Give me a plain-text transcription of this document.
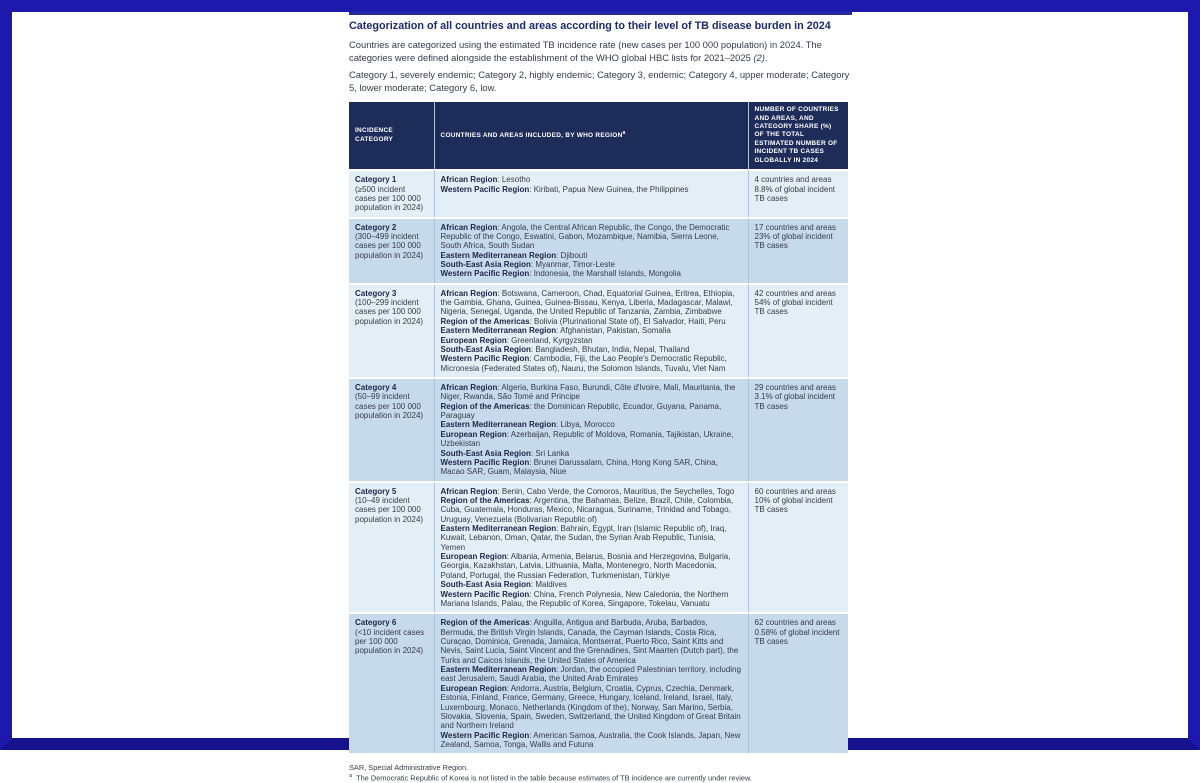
Categorization of all countries and areas according to their level of TB disease burden in 2024
Countries are categorized using the estimated TB incidence rate (new cases per 100 000 population) in 2024. The categories were defined alongside the establishment of the WHO global HBC lists for 2021–2025 (2).
Category 1, severely endemic; Category 2, highly endemic; Category 3, endemic; Category 4, upper moderate; Category 5, lower moderate; Category 6, low.
INCIDENCE CATEGORY	COUNTRIES AND AREAS INCLUDED, BY WHO REGION$^a$	NUMBER OF COUNTRIES AND AREAS, AND CATEGORY SHARE (%) OF THE TOTAL ESTIMATED NUMBER OF INCIDENT TB CASES GLOBALLY IN 2024

Category 1
(≥500 incident cases per 100 000 population in 2024)

African Region: Lesotho
Western Pacific Region: Kiribati, Papua New Guinea, the Philippines

4 countries and areas
8.8% of global incident TB cases

Category 2
(300–499 incident cases per 100 000 population in 2024)

African Region: Angola, the Central African Republic, the Congo, the Democratic Republic of the Congo, Eswatini, Gabon, Mozambique, Namibia, Sierra Leone, South Africa, South Sudan
Eastern Mediterranean Region: Djibouti
South-East Asia Region: Myanmar, Timor-Leste
Western Pacific Region: Indonesia, the Marshall Islands, Mongolia

17 countries and areas
23% of global incident TB cases

Category 3
(100–299 incident cases per 100 000 population in 2024)

African Region: Botswana, Cameroon, Chad, Equatorial Guinea, Eritrea, Ethiopia, the Gambia, Ghana, Guinea, Guinea-Bissau, Kenya, Liberia, Madagascar, Malawi, Nigeria, Senegal, Uganda, the United Republic of Tanzania, Zambia, Zimbabwe
Region of the Americas: Bolivia (Plurinational State of), El Salvador, Haiti, Peru
Eastern Mediterranean Region: Afghanistan, Pakistan, Somalia
European Region: Greenland, Kyrgyzstan
South-East Asia Region: Bangladesh, Bhutan, India, Nepal, Thailand
Western Pacific Region: Cambodia, Fiji, the Lao People's Democratic Republic, Micronesia (Federated States of), Nauru, the Solomon Islands, Tuvalu, Viet Nam

42 countries and areas
54% of global incident TB cases

Category 4
(50–99 incident cases per 100 000 population in 2024)

African Region: Algeria, Burkina Faso, Burundi, Côte d'Ivoire, Mali, Mauritania, the Niger, Rwanda, São Tomé and Principe
Region of the Americas: the Dominican Republic, Ecuador, Guyana, Panama, Paraguay
Eastern Mediterranean Region: Libya, Morocco
European Region: Azerbaijan, Republic of Moldova, Romania, Tajikistan, Ukraine, Uzbekistan
South-East Asia Region: Sri Lanka
Western Pacific Region: Brunei Darussalam, China, Hong Kong SAR, China, Macao SAR, Guam, Malaysia, Niue

29 countries and areas
3.1% of global incident TB cases

Category 5
(10–49 incident cases per 100 000 population in 2024)

African Region: Benin, Cabo Verde, the Comoros, Mauritius, the Seychelles, Togo
Region of the Americas: Argentina, the Bahamas, Belize, Brazil, Chile, Colombia, Cuba, Guatemala, Honduras, Mexico, Nicaragua, Suriname, Trinidad and Tobago, Uruguay, Venezuela (Bolivarian Republic of)
Eastern Mediterranean Region: Bahrain, Egypt, Iran (Islamic Republic of), Iraq, Kuwait, Lebanon, Oman, Qatar, the Sudan, the Syrian Arab Republic, Tunisia, Yemen
European Region: Albania, Armenia, Belarus, Bosnia and Herzegovina, Bulgaria, Georgia, Kazakhstan, Latvia, Lithuania, Malta, Montenegro, North Macedonia, Poland, Portugal, the Russian Federation, Turkmenistan, Türkiye
South-East Asia Region: Maldives
Western Pacific Region: China, French Polynesia, New Caledonia, the Northern Mariana Islands, Palau, the Republic of Korea, Singapore, Tokelau, Vanuatu

60 countries and areas
10% of global incident TB cases

Category 6
(<10 incident cases per 100 000 population in 2024)

Region of the Americas: Anguilla, Antigua and Barbuda, Aruba, Barbados, Bermuda, the British Virgin Islands, Canada, the Cayman Islands, Costa Rica, Curaçao, Dominica, Grenada, Jamaica, Montserrat, Puerto Rico, Saint Kitts and Nevis, Saint Lucia, Saint Vincent and the Grenadines, Sint Maarten (Dutch part), the Turks and Caicos Islands, the United States of America
Eastern Mediterranean Region: Jordan, the occupied Palestinian territory, including east Jerusalem, Saudi Arabia, the United Arab Emirates
European Region: Andorra, Austria, Belgium, Croatia, Cyprus, Czechia, Denmark, Estonia, Finland, France, Germany, Greece, Hungary, Iceland, Ireland, Israel, Italy, Luxembourg, Monaco, Netherlands (Kingdom of the), Norway, San Marino, Serbia, Slovakia, Slovenia, Spain, Sweden, Switzerland, the United Kingdom of Great Britain and Northern Ireland
Western Pacific Region: American Samoa, Australia, the Cook Islands, Japan, New Zealand, Samoa, Tonga, Wallis and Futuna

62 countries and areas
0.58% of global incident TB cases
SAR, Special Administrative Region.
$^a$ The Democratic Republic of Korea is not listed in the table because estimates of TB incidence are currently under review.
